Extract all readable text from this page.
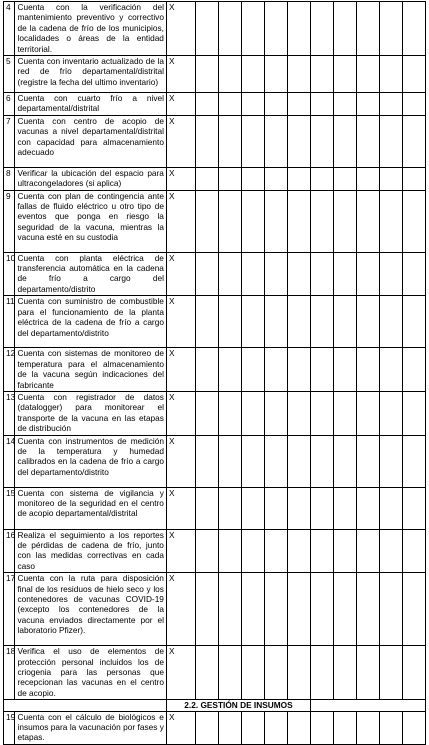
4	Cuenta con la verificación del mantenimiento preventivo y correctivo de la cadena de frío de los municipios, localidades o áreas de la entidad territorial.	X										
5	Cuenta con inventario actualizado de la red de frío departamental/distrital (registre la fecha del ultimo inventario)	X										
6	Cuenta con cuarto frío a nivel departamental/distrital	X										
7	Cuenta con centro de acopio de vacunas a nivel departamental/distrital con capacidad para almacenamiento adecuado	X										
8	Verificar la ubicación del espacio para ultracongeladores (si aplica)	X										
9	Cuenta con plan de contingencia ante fallas de fluido eléctrico u otro tipo de eventos que ponga en riesgo la seguridad de la vacuna, mientras la vacuna esté en su custodia	X										
10	Cuenta con planta eléctrica de transferencia automática en la cadena de frío a cargo del departamento/distrito	X										
11	Cuenta con suministro de combustible para el funcionamiento de la planta eléctrica de la cadena de frío a cargo del departamento/distrito	X										
12	Cuenta con sistemas de monitoreo de temperatura para el almacenamiento de la vacuna según indicaciones del fabricante	X										
13	Cuenta con registrador de datos (datalogger) para monitorear el transporte de la vacuna en las etapas de distribución	X										
14	Cuenta con instrumentos de medición de la temperatura y humedad calibrados en la cadena de frío a cargo del departamento/distrito	X										
15	Cuenta con sistema de vigilancia y monitoreo de la seguridad en el centro de acopio departamental/distrital	X										
16	Realiza el seguimiento a los reportes de pérdidas de cadena de frío, junto con las medidas correctivas en cada caso	X										
17	Cuenta con la ruta para disposición final de los residuos de hielo seco y los contenedores de vacunas COVID-19 (excepto los contenedores de la vacuna enviados directamente por el laboratorio Pfizer).	X										
18	Verifica el uso de elementos de protección personal incluidos los de criogenia para las personas que recepcionan las vacunas en el centro de acopio.	X										
		2.2. GESTIÓN DE INSUMOS										
19	Cuenta con el cálculo de biológicos e insumos para la vacunación por fases y etapas.	X										
